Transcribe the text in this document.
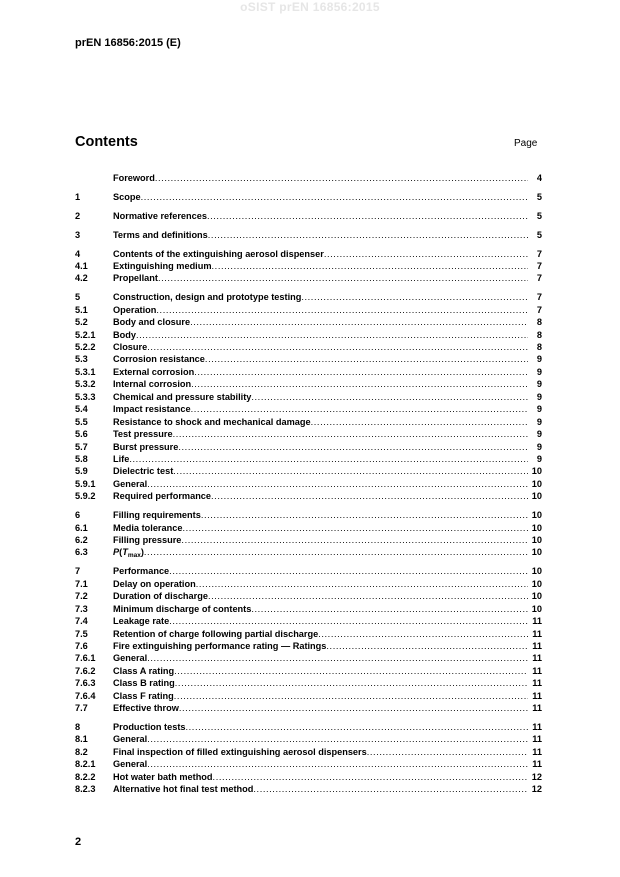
oSIST prEN 16856:2015
prEN 16856:2015 (E)
Contents	Page
Foreword .....	4
1	Scope .....	5
2	Normative references .....	5
3	Terms and definitions .....	5
4	Contents of the extinguishing aerosol dispenser .....	7
4.1	Extinguishing medium .....	7
4.2	Propellant .....	7
5	Construction, design and prototype testing .....	7
5.1	Operation .....	7
5.2	Body and closure .....	8
5.2.1	Body .....	8
5.2.2	Closure .....	8
5.3	Corrosion resistance .....	9
5.3.1	External corrosion .....	9
5.3.2	Internal corrosion .....	9
5.3.3	Chemical and pressure stability .....	9
5.4	Impact resistance .....	9
5.5	Resistance to shock and mechanical damage .....	9
5.6	Test pressure .....	9
5.7	Burst pressure .....	9
5.8	Life .....	9
5.9	Dielectric test .....	10
5.9.1	General .....	10
5.9.2	Required performance .....	10
6	Filling requirements .....	10
6.1	Media tolerance .....	10
6.2	Filling pressure .....	10
6.3	$P(T_{max})$ .....	10
7	Performance .....	10
7.1	Delay on operation .....	10
7.2	Duration of discharge .....	10
7.3	Minimum discharge of contents .....	10
7.4	Leakage rate .....	11
7.5	Retention of charge following partial discharge .....	11
7.6	Fire extinguishing performance rating — Ratings .....	11
7.6.1	General .....	11
7.6.2	Class A rating .....	11
7.6.3	Class B rating .....	11
7.6.4	Class F rating .....	11
7.7	Effective throw .....	11
8	Production tests .....	11
8.1	General .....	11
8.2	Final inspection of filled extinguishing aerosol dispensers .....	11
8.2.1	General .....	11
8.2.2	Hot water bath method .....	12
8.2.3	Alternative hot final test method .....	12
2
